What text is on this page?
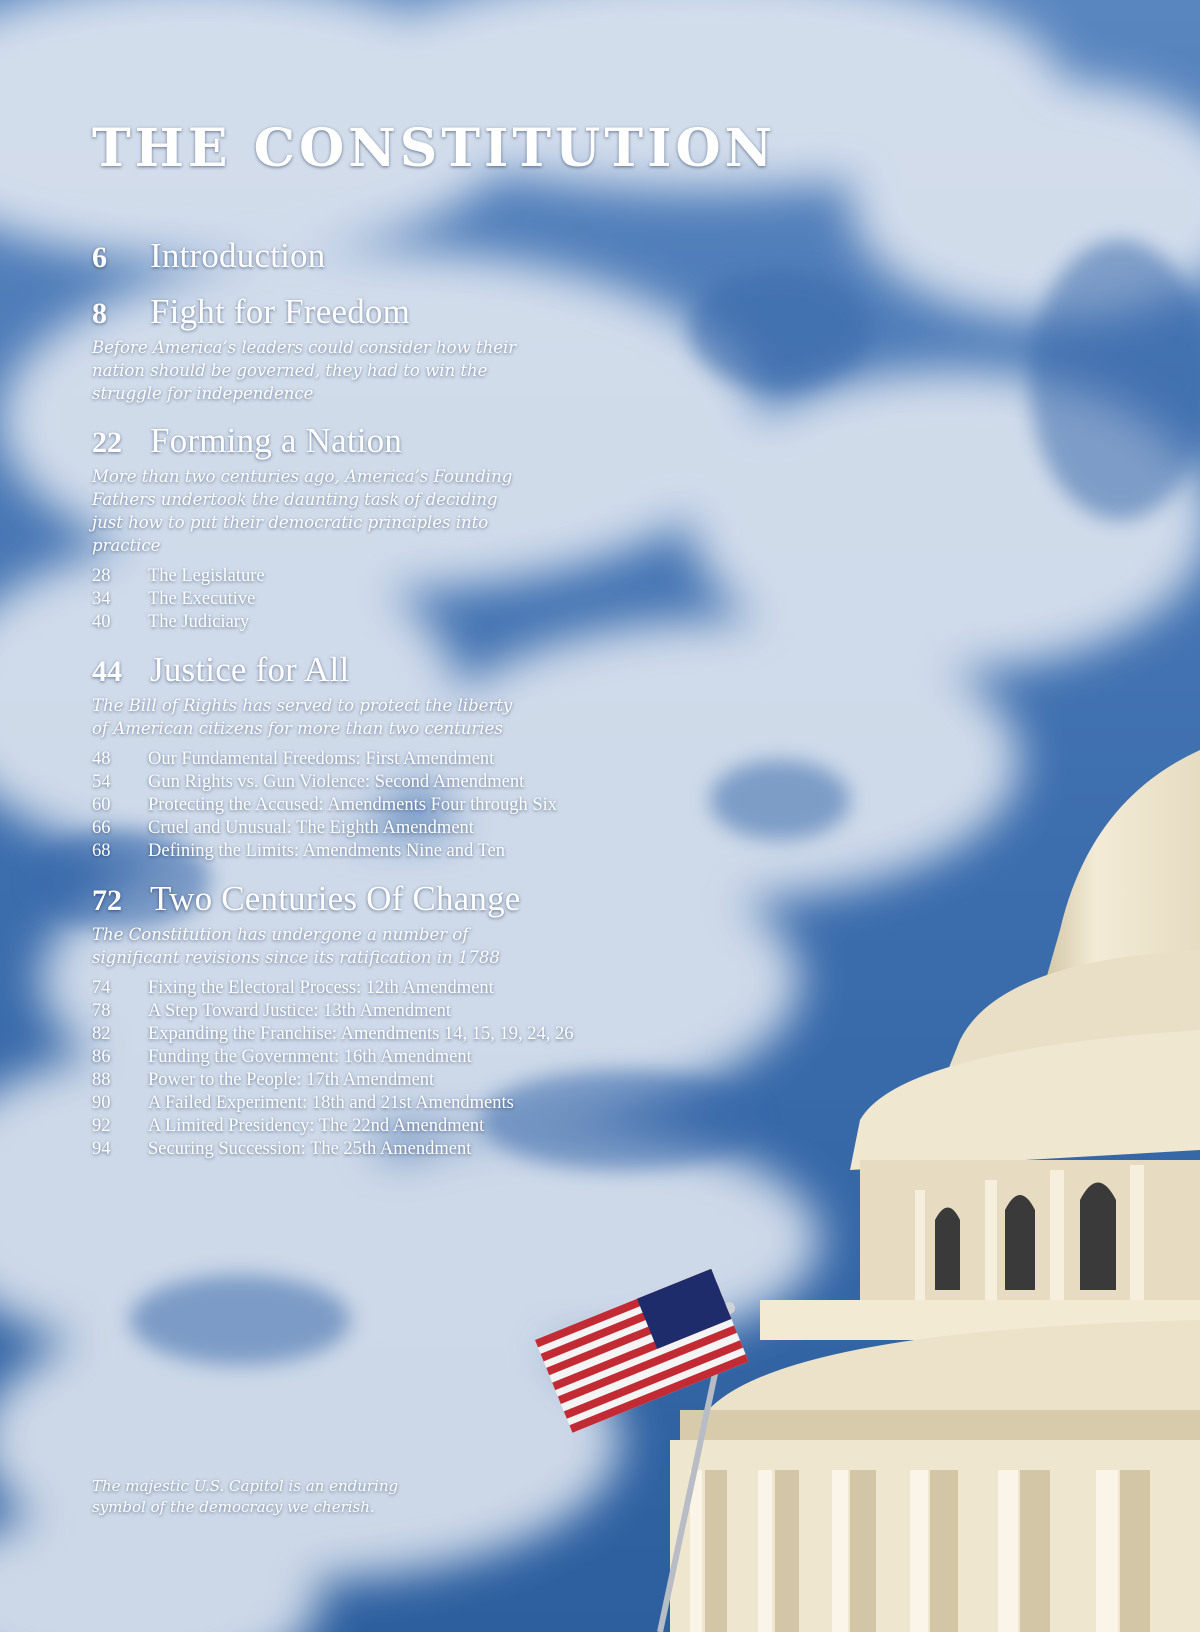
THE CONSTITUTION
6	Introduction
8	Fight for Freedom

Before America’s leaders could consider how their nation should be governed, they had to win the struggle for independence

22 Forming a Nation

More than two centuries ago, America’s Founding Fathers undertook the daunting task of deciding just how to put their democratic principles into practice

28	The Legislature
34	The Executive
40	The Judiciary
44 Justice for All

The Bill of Rights has served to protect the liberty of American citizens for more than two centuries

48	Our Fundamental Freedoms: First Amendment
54	Gun Rights vs. Gun Violence: Second Amendment
60	Protecting the Accused: Amendments Four through Six
66	Cruel and Unusual: The Eighth Amendment
68	Defining the Limits: Amendments Nine and Ten
72 Two Centuries Of Change

The Constitution has undergone a number of significant revisions since its ratification in 1788

74	Fixing the Electoral Process: 12th Amendment
78	A Step Toward Justice: 13th Amendment
82	Expanding the Franchise: Amendments 14, 15, 19, 24, 26
86	Funding the Government: 16th Amendment
88	Power to the People: 17th Amendment
90	A Failed Experiment: 18th and 21st Amendments
92	A Limited Presidency: The 22nd Amendment
94	Securing Succession: The 25th Amendment
The majestic U.S. Capitol is an enduring symbol of the democracy we cherish.
